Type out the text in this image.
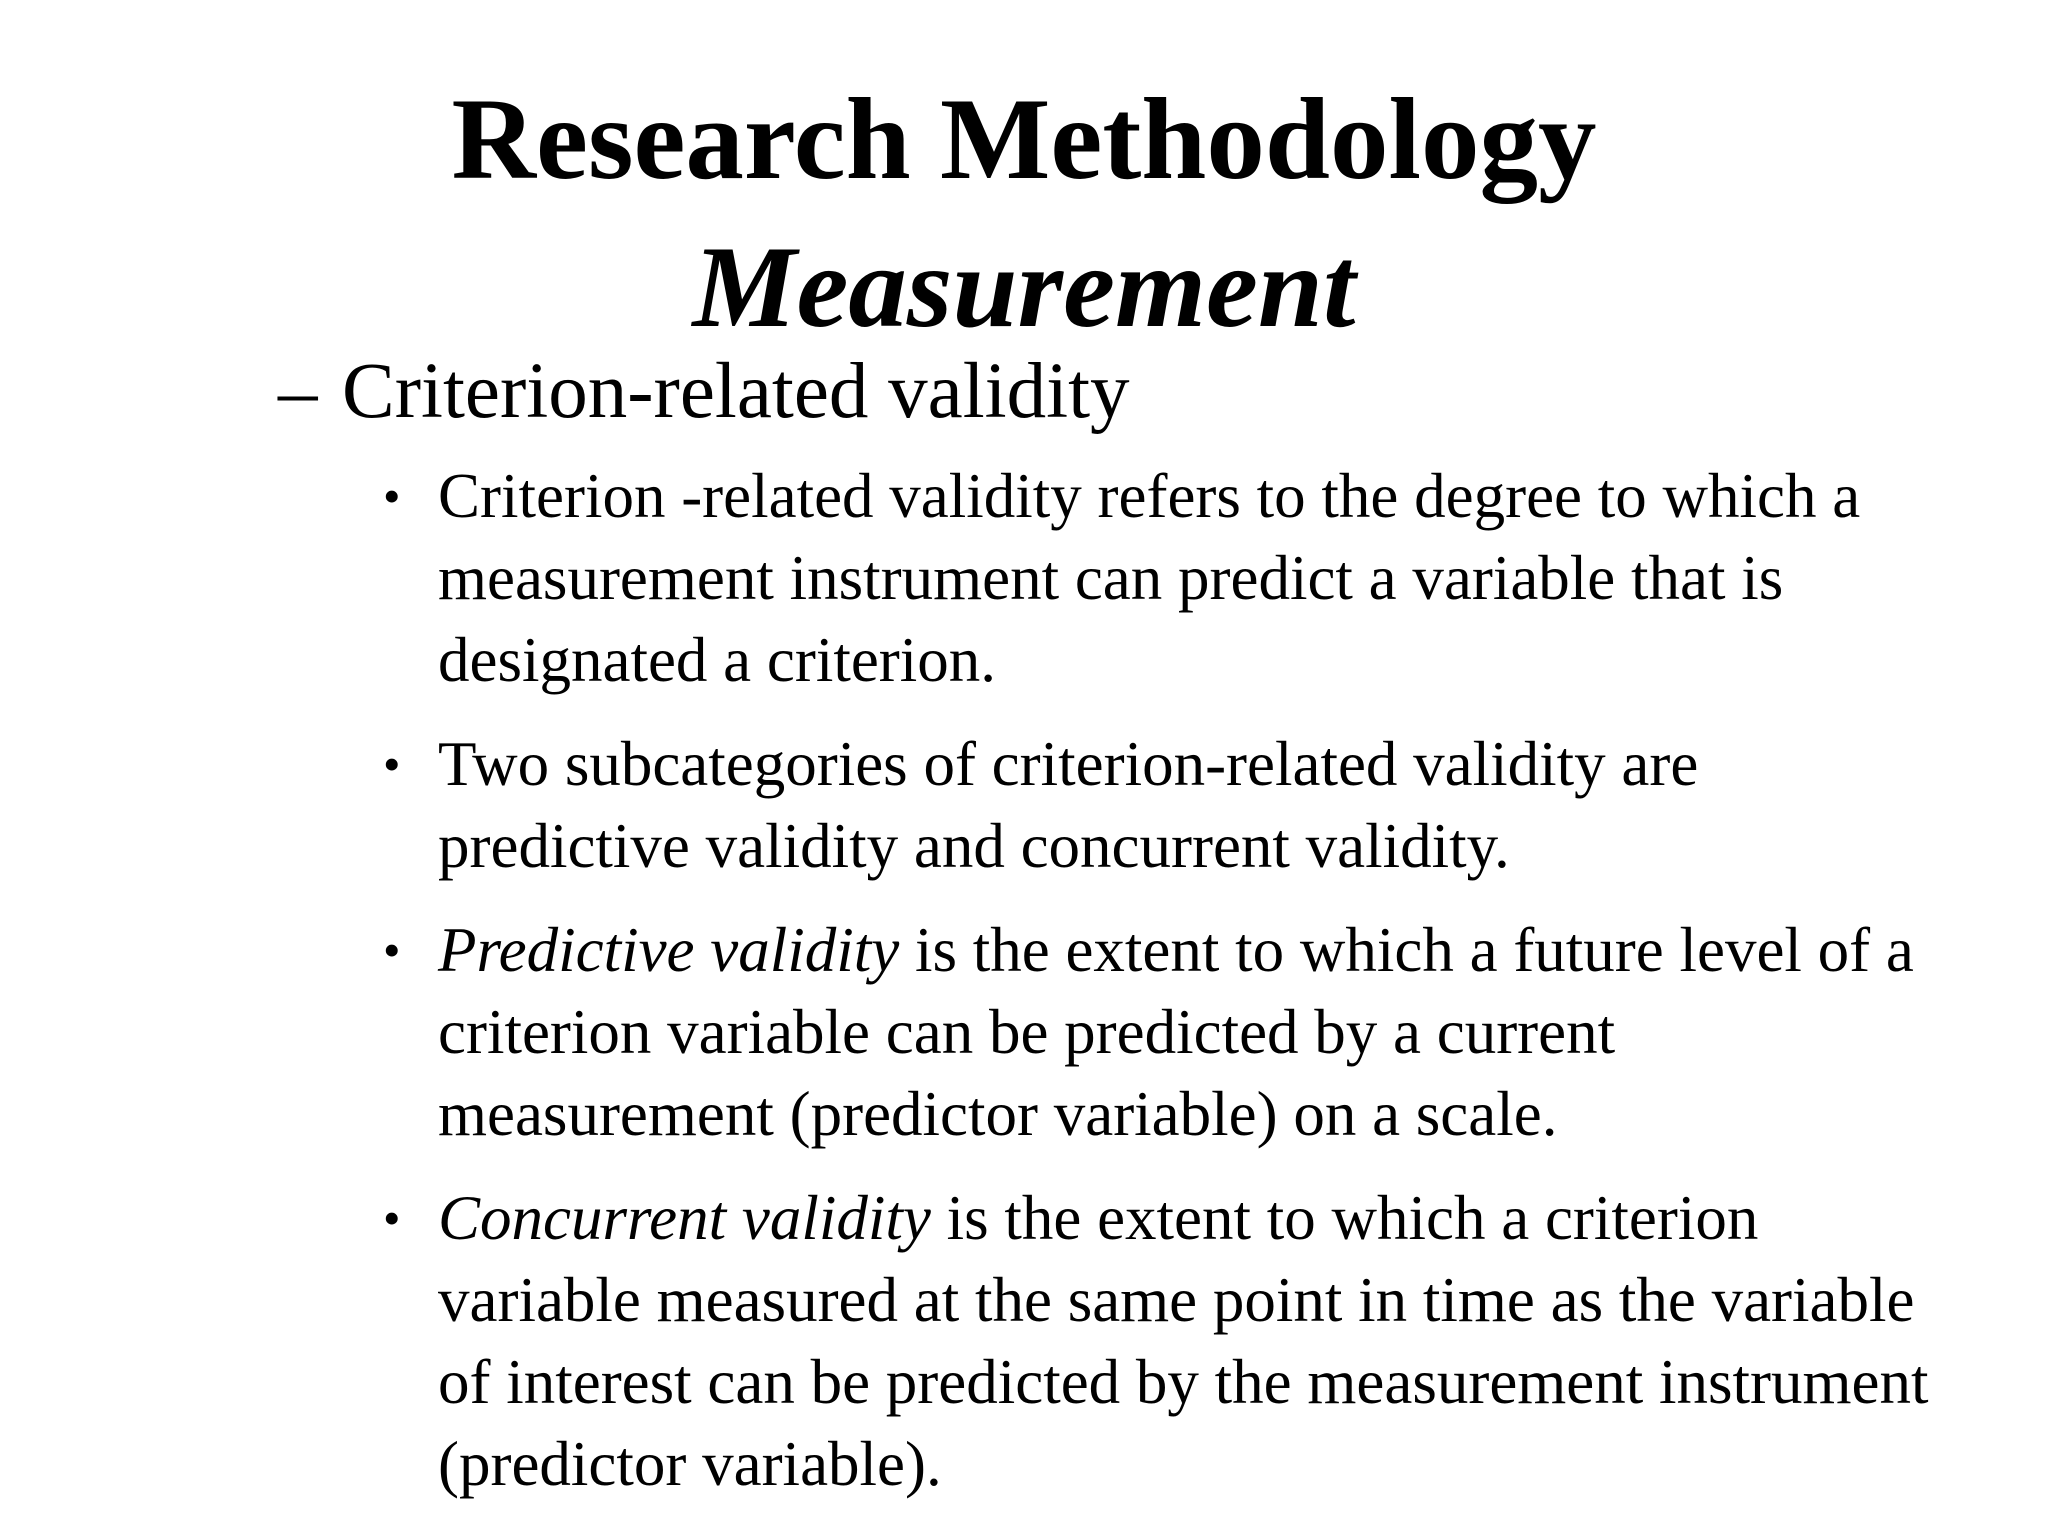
Research Methodology
Measurement
– Criterion-related validity
• Criterion -related validity refers to the degree to which a measurement instrument can predict a variable that is designated a criterion.
• Two subcategories of criterion-related validity are predictive validity and concurrent validity.
• Predictive validity is the extent to which a future level of a criterion variable can be predicted by a current measurement (predictor variable) on a scale.
• Concurrent validity is the extent to which a criterion variable measured at the same point in time as the variable of interest can be predicted by the measurement instrument (predictor variable).
